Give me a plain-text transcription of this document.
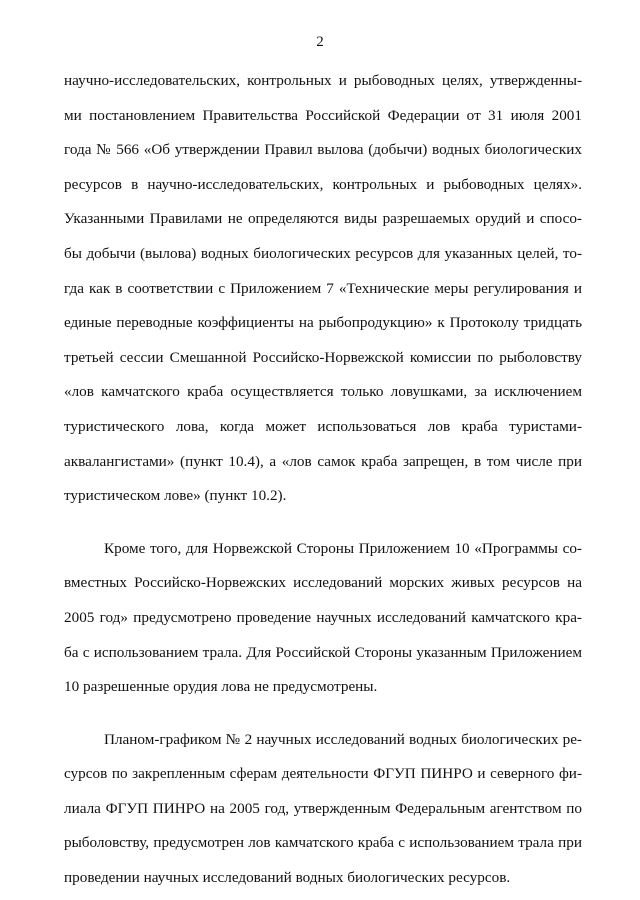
2
научно-исследовательских, контрольных и рыбоводных целях, утвержденны-
ми постановлением Правительства Российской Федерации от 31 июля 2001
года № 566 «Об утверждении Правил вылова (добычи) водных биологических
ресурсов в научно-исследовательских, контрольных и рыбоводных целях».
Указанными Правилами не определяются виды разрешаемых орудий и спосо-
бы добычи (вылова) водных биологических ресурсов для указанных целей, то-
гда как в соответствии с Приложением 7 «Технические меры регулирования и
единые переводные коэффициенты на рыбопродукцию» к Протоколу тридцать
третьей сессии Смешанной Российско-Норвежской комиссии по рыболовству
«лов камчатского краба осуществляется только ловушками, за исключением
туристического лова, когда может использоваться лов краба туристами-
аквалангистами» (пункт 10.4), а «лов самок краба запрещен, в том числе при
туристическом лове» (пункт 10.2).
Кроме того, для Норвежской Стороны Приложением 10 «Программы со-
вместных Российско-Норвежских исследований морских живых ресурсов на
2005 год» предусмотрено проведение научных исследований камчатского кра-
ба с использованием трала. Для Российской Стороны указанным Приложением
10 разрешенные орудия лова не предусмотрены.
Планом-графиком № 2 научных исследований водных биологических ре-
сурсов по закрепленным сферам деятельности ФГУП ПИНРО и северного фи-
лиала ФГУП ПИНРО на 2005 год, утвержденным Федеральным агентством по
рыболовству, предусмотрен лов камчатского краба с использованием трала при
проведении научных исследований водных биологических ресурсов.
